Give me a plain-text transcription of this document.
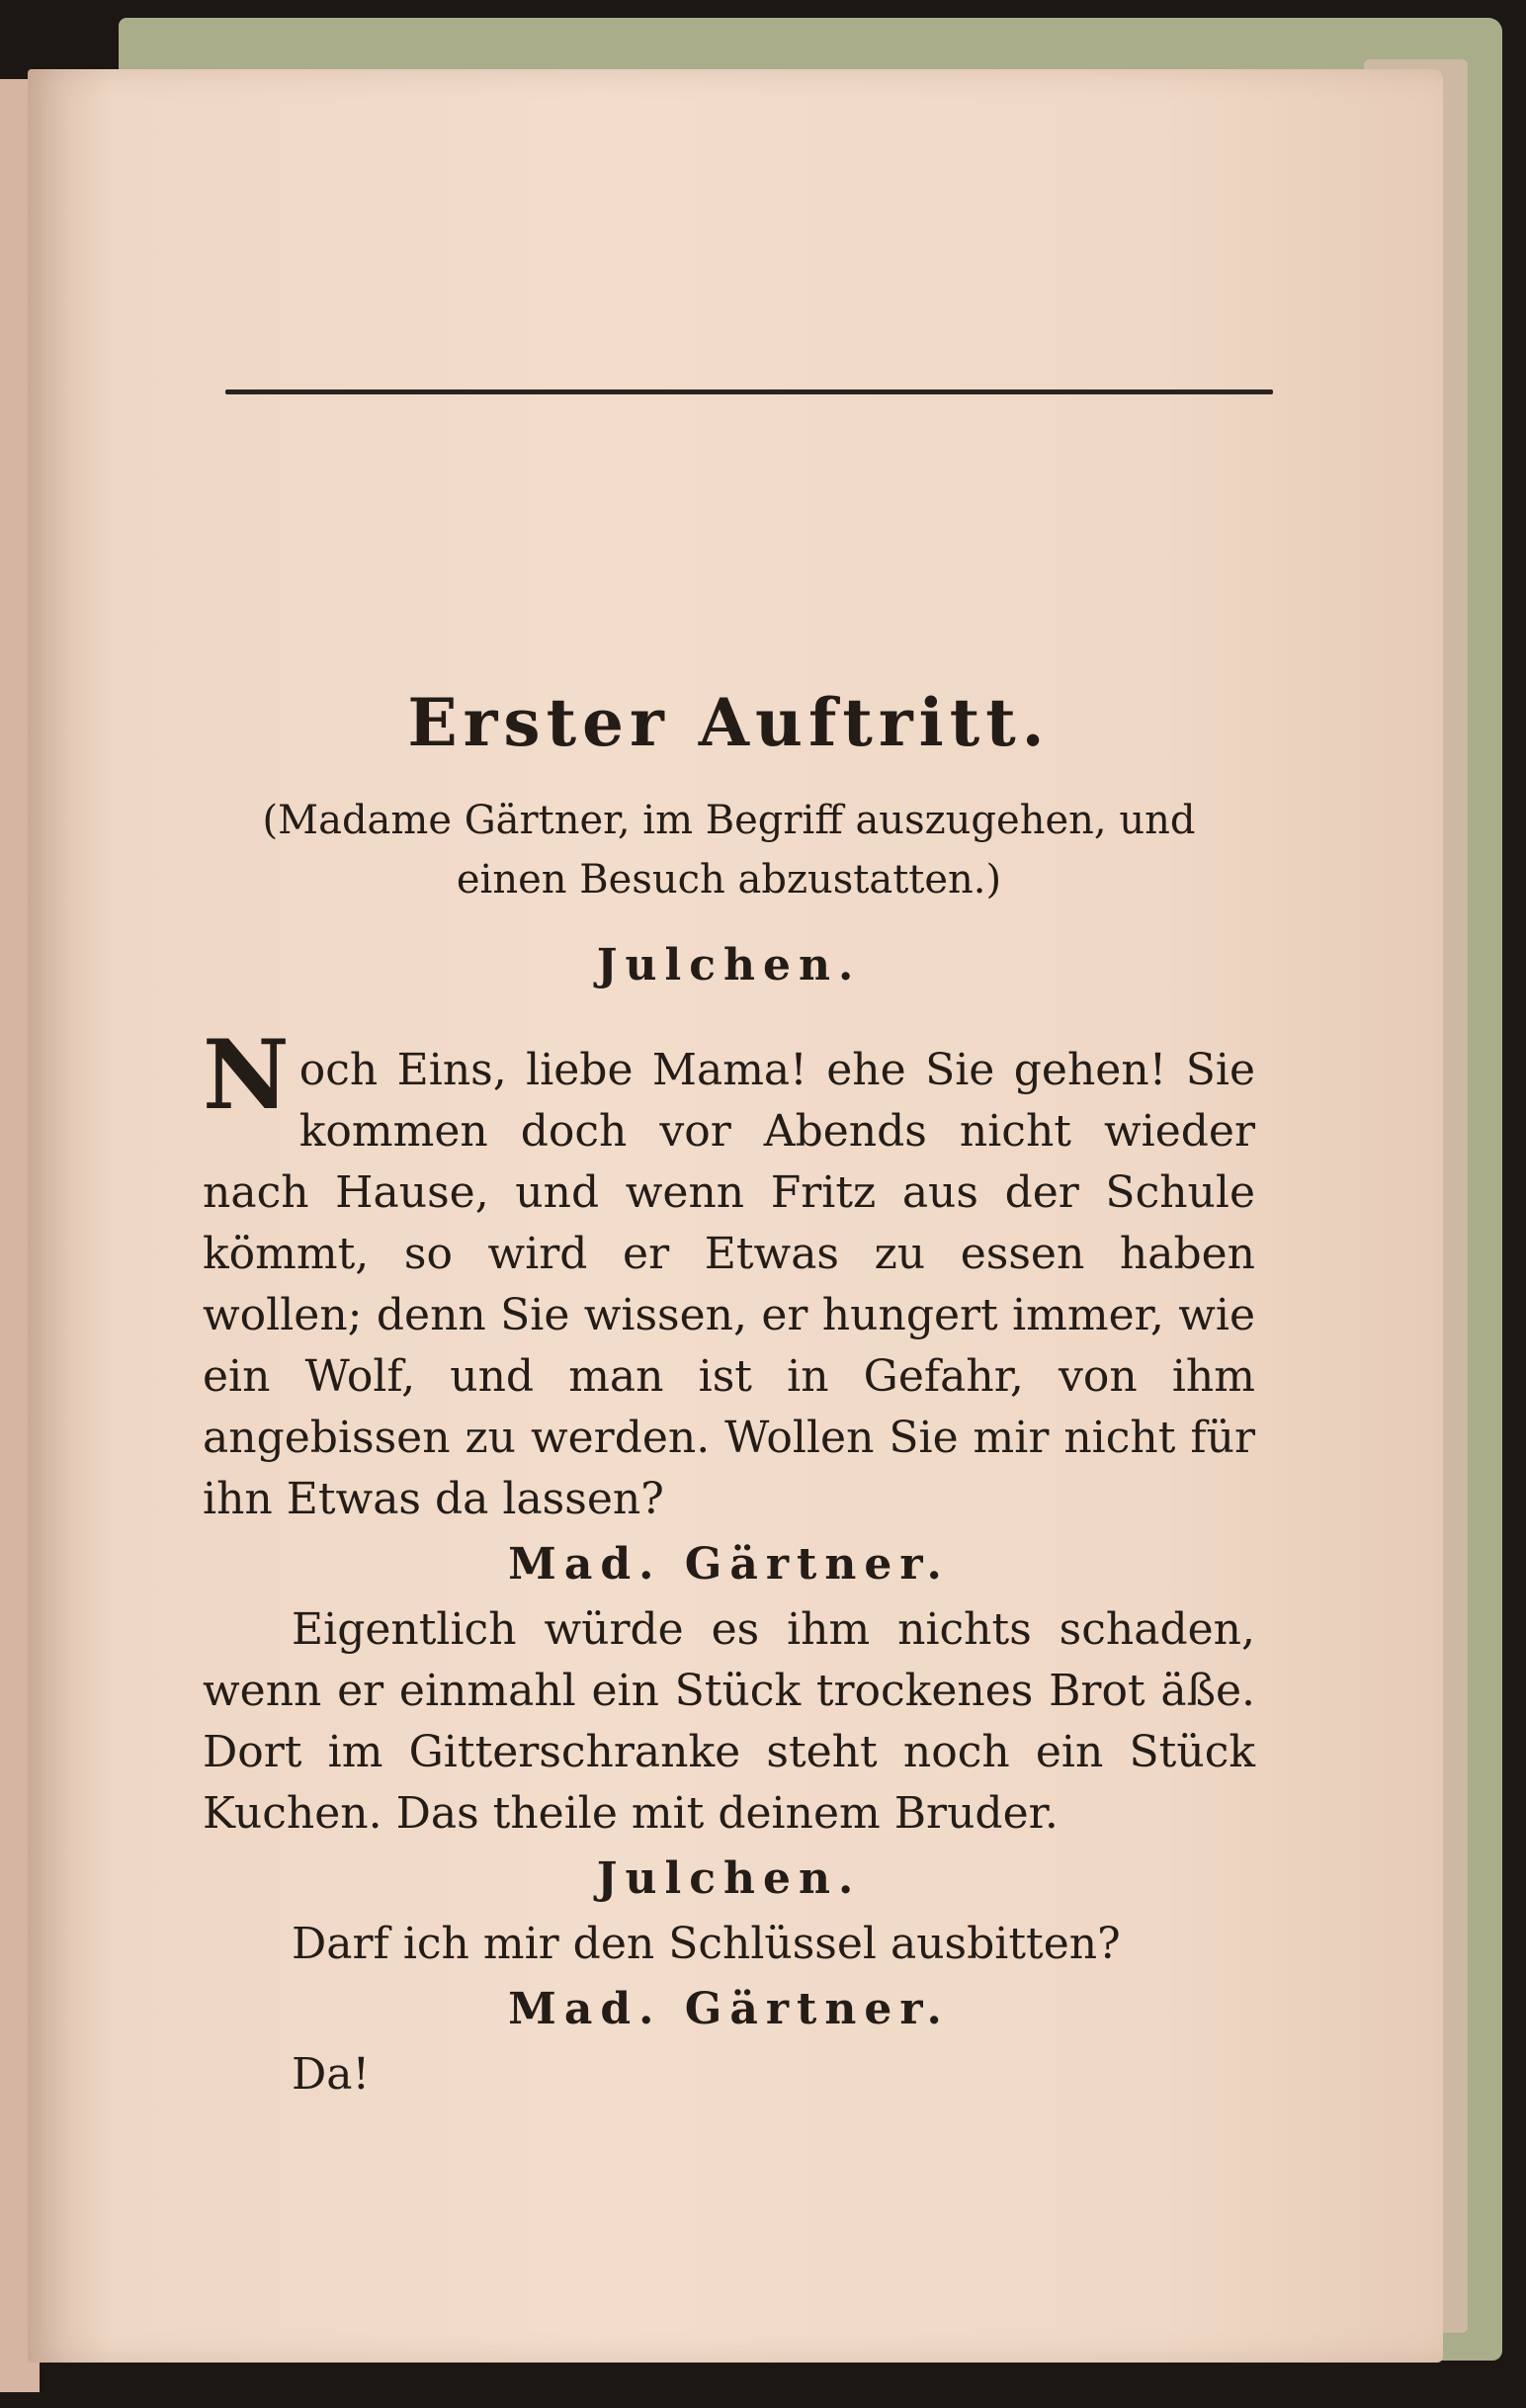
Erster Auftritt.

(Madame Gärtner, im Begriff auszugehen, und einen Besuch abzustatten.)

Julchen.

Noch Eins, liebe Mama! ehe Sie gehen! Sie kommen doch vor Abends nicht wieder nach Hause, und wenn Fritz aus der Schule kömmt, so wird er Etwas zu essen haben wollen; denn Sie wissen, er hungert immer, wie ein Wolf, und man ist in Gefahr, von ihm angebissen zu werden. Wollen Sie mir nicht für ihn Etwas da lassen?

Mad. Gärtner.

Eigentlich würde es ihm nichts schaden, wenn er einmahl ein Stück trockenes Brot äße. Dort im Gitterschranke steht noch ein Stück Kuchen. Das theile mit deinem Bruder.

Julchen.

Darf ich mir den Schlüssel ausbitten?

Mad. Gärtner.

Da!
